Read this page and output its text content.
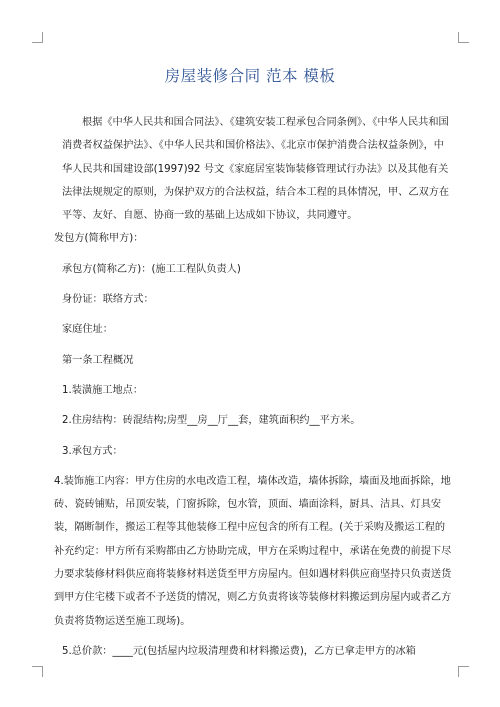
房屋装修合同 范本 模板

根据《中华人民共和国合同法》、《建筑安装工程承包合同条例》、《中华人民共和国消费者权益保护法》、《中华人民共和国价格法》、《北京市保护消费合法权益条例》，中华人民共和国建设部(1997)92 号文《家庭居室装饰装修管理试行办法》以及其他有关法律法规规定的原则，为保护双方的合法权益，结合本工程的具体情况，甲、乙双方在平等、友好、自愿、协商一致的基础上达成如下协议，共同遵守。

发包方(简称甲方)：

承包方(简称乙方)：(施工工程队负责人)

身份证：联络方式：

家庭住址：

第一条工程概况

1.装潢施工地点：

2.住房结构：砖混结构;房型__房__厅__套，建筑面积约__平方米。

3.承包方式：

4.装饰施工内容：甲方住房的水电改造工程，墙体改造，墙体拆除，墙面及地面拆除，地砖、瓷砖铺贴，吊顶安装，门窗拆除，包水管，顶面、墙面涂料，厨具、洁具、灯具安装，隔断制作，搬运工程等其他装修工程中应包含的所有工程。(关于采购及搬运工程的补充约定：甲方所有采购都由乙方协助完成，甲方在采购过程中，承诺在免费的前提下尽力要求装修材料供应商将装修材料送货至甲方房屋内。但如遇材料供应商坚持只负责送货到甲方住宅楼下或者不予送货的情况，则乙方负责将该等装修材料搬运到房屋内或者乙方负责将货物运送至施工现场)。

5.总价款：____元(包括屋内垃圾清理费和材料搬运费)，乙方已拿走甲方的冰箱
